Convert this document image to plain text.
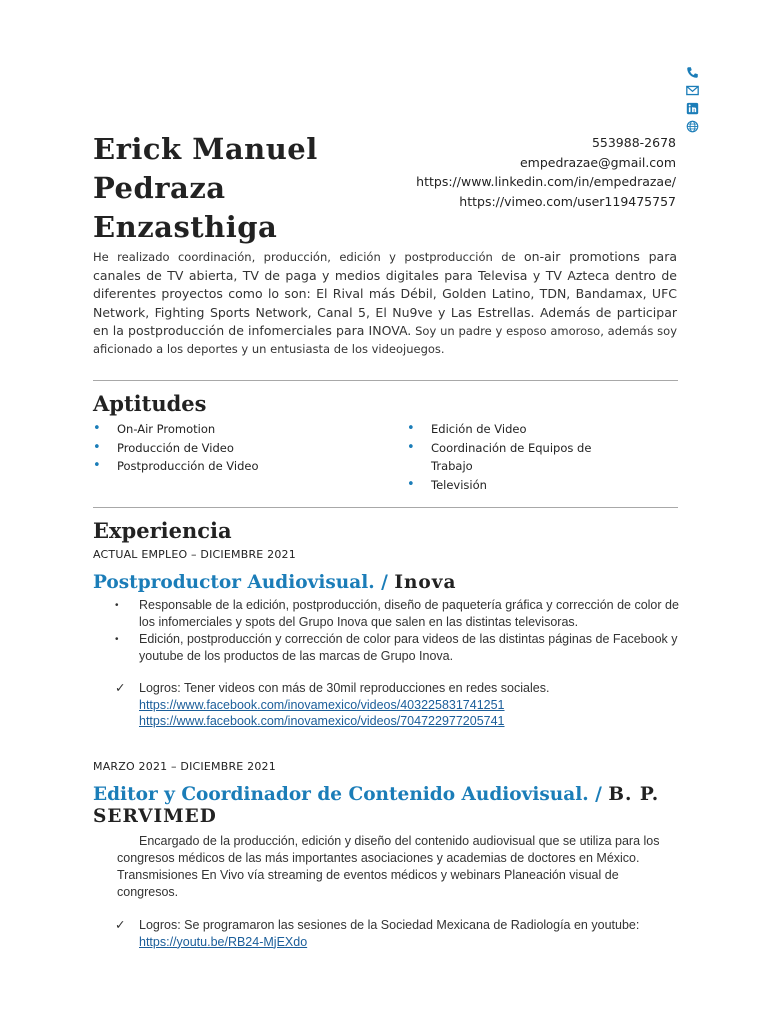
553988-2678
empedrazae@gmail.com
https://www.linkedin.com/in/empedrazae/
https://vimeo.com/user119475757
Erick Manuel
Pedraza
Enzasthiga
He realizado coordinación, producción, edición y postproducción de on-air promotions para canales de TV abierta, TV de paga y medios digitales para Televisa y TV Azteca dentro de diferentes proyectos como lo son: El Rival más Débil, Golden Latino, TDN, Bandamax, UFC Network, Fighting Sports Network, Canal 5, El Nu9ve y Las Estrellas. Además de participar en la postproducción de infomerciales para INOVA. Soy un padre y esposo amoroso, además soy aficionado a los deportes y un entusiasta de los videojuegos.
Aptitudes
• On-Air Promotion
• Producción de Video
• Postproducción de Video
• Edición de Video
• Coordinación de Equipos de Trabajo
• Televisión
Experiencia
ACTUAL EMPLEO – DICIEMBRE 2021
Postproductor Audiovisual. / Inova
• Responsable de la edición, postproducción, diseño de paquetería gráfica y corrección de color de los infomerciales y spots del Grupo Inova que salen en las distintas televisoras.
• Edición, postproducción y corrección de color para videos de las distintas páginas de Facebook y youtube de los productos de las marcas de Grupo Inova.
✓ Logros: Tener videos con más de 30mil reproducciones en redes sociales.
https://www.facebook.com/inovamexico/videos/403225831741251
https://www.facebook.com/inovamexico/videos/704722977205741
MARZO 2021 – DICIEMBRE 2021
Editor y Coordinador de Contenido Audiovisual. / B. P. SERVIMED
Encargado de la producción, edición y diseño del contenido audiovisual que se utiliza para los congresos médicos de las más importantes asociaciones y academias de doctores en México. Transmisiones En Vivo vía streaming de eventos médicos y webinars Planeación visual de congresos.
✓ Logros: Se programaron las sesiones de la Sociedad Mexicana de Radiología en youtube:
https://youtu.be/RB24-MjEXdo
